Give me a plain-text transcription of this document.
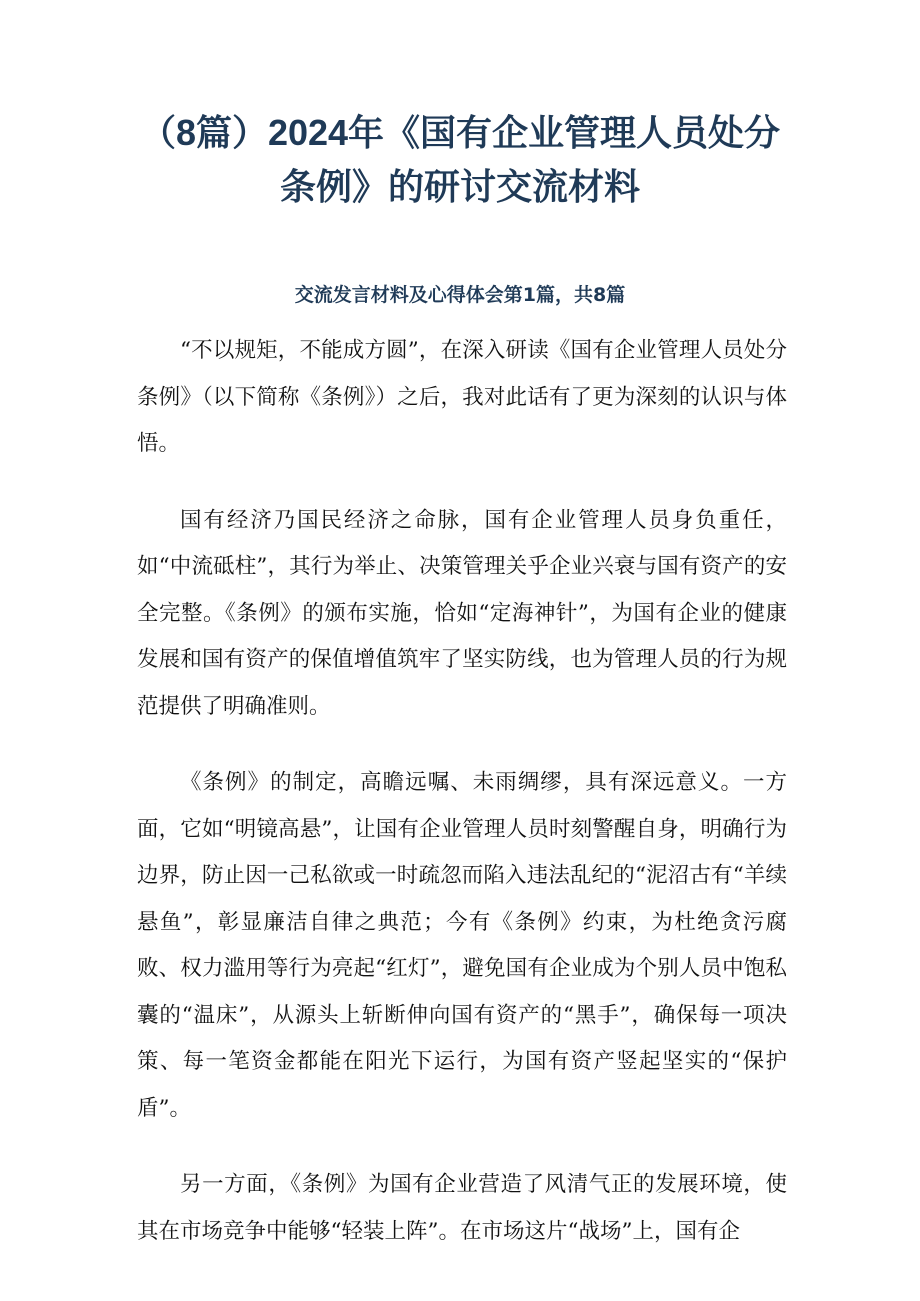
（8篇）2024年《国有企业管理人员处分
条例》的研讨交流材料
交流发言材料及心得体会第1篇，共8篇

“不以规矩，不能成方圆”，在深入研读《国有企业管理人员处分条例》（以下简称《条例》）之后，我对此话有了更为深刻的认识与体悟。

国有经济乃国民经济之命脉，国有企业管理人员身负重任，如“中流砥柱”，其行为举止、决策管理关乎企业兴衰与国有资产的安全完整。《条例》的颁布实施，恰如“定海神针”，为国有企业的健康发展和国有资产的保值增值筑牢了坚实防线，也为管理人员的行为规范提供了明确准则。

《条例》的制定，高瞻远嘱、未雨绸缪，具有深远意义。一方面，它如“明镜高悬”，让国有企业管理人员时刻警醒自身，明确行为边界，防止因一己私欲或一时疏忽而陷入违法乱纪的“泥沼古有“羊续悬鱼”，彰显廉洁自律之典范；今有《条例》约束，为杜绝贪污腐败、权力滥用等行为亮起“红灯”，避免国有企业成为个别人员中饱私囊的“温床”，从源头上斩断伸向国有资产的“黑手”，确保每一项决策、每一笔资金都能在阳光下运行，为国有资产竖起坚实的“保护盾”。

另一方面，《条例》为国有企业营造了风清气正的发展环境，使其在市场竞争中能够“轻装上阵”。在市场这片“战场”上，国有企
